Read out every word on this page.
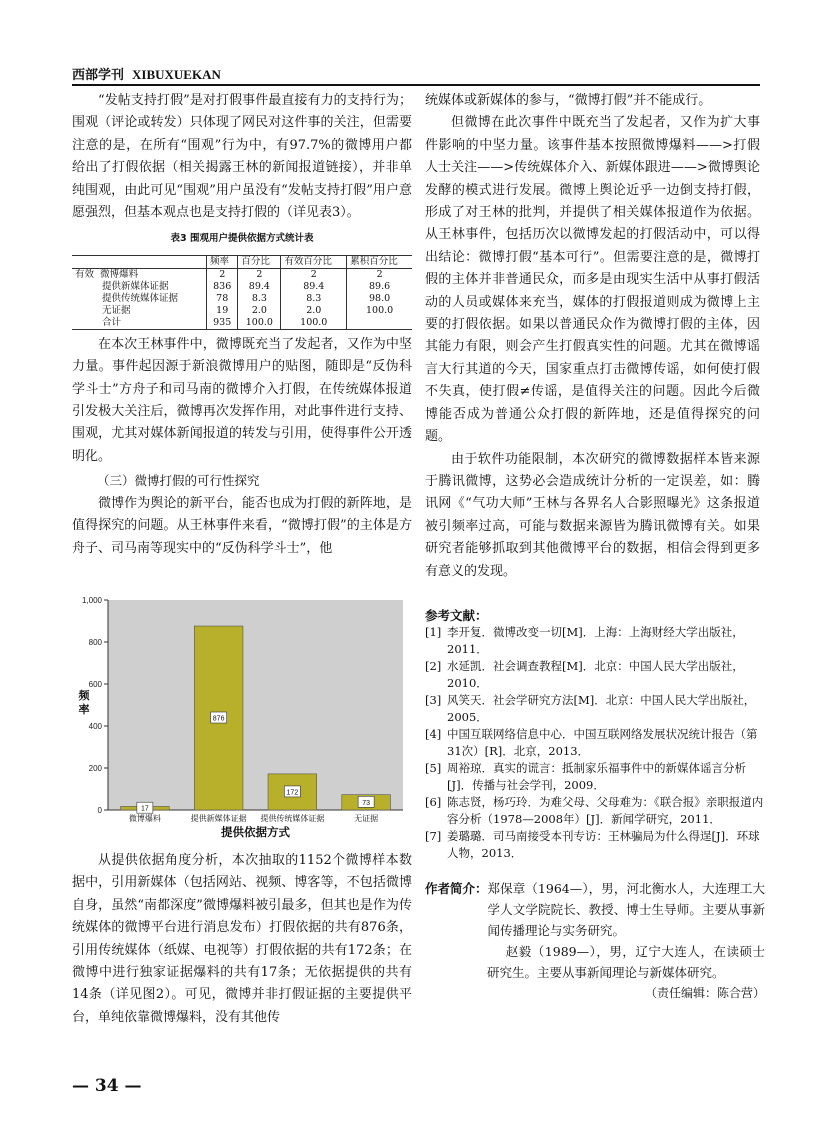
西部学刊 XIBUXUEKAN

“发帖支持打假”是对打假事件最直接有力的支持行为；围观（评论或转发）只体现了网民对这件事的关注，但需要注意的是，在所有“围观”行为中，有97.7%的微博用户都给出了打假依据（相关揭露王林的新闻报道链接），并非单纯围观，由此可见“围观”用户虽没有“发帖支持打假”用户意愿强烈，但基本观点也是支持打假的（详见表3）。

表3 围观用户提供依据方式统计表
	频率	百分比	有效百分比	累积百分比
有效 微博爆料	2	2	2	2
提供新媒体证据	836	89.4	89.4	89.6
提供传统媒体证据	78	8.3	8.3	98.0
无证据	19	2.0	2.0	100.0
合计	935	100.0	100.0	

在本次王林事件中，微博既充当了发起者，又作为中坚力量。事件起因源于新浪微博用户的贴图，随即是“反伪科学斗士”方舟子和司马南的微博介入打假，在传统媒体报道引发极大关注后，微博再次发挥作用，对此事件进行支持、围观，尤其对媒体新闻报道的转发与引用，使得事件公开透明化。

（三）微博打假的可行性探究

微博作为舆论的新平台，能否也成为打假的新阵地，是值得探究的问题。从王林事件来看，“微博打假”的主体是方舟子、司马南等现实中的“反伪科学斗士”，他

0
200
400
600
800
1,000
17
微博爆料
876
提供新媒体证据
172
提供传统媒体证据
73
无证据
频
率
提供依据方式

从提供依据角度分析，本次抽取的1152个微博样本数据中，引用新媒体（包括网站、视频、博客等，不包括微博自身，虽然“南都深度”微博爆料被引最多，但其也是作为传统媒体的微博平台进行消息发布）打假依据的共有876条，引用传统媒体（纸媒、电视等）打假依据的共有172条；在微博中进行独家证据爆料的共有17条；无依据提供的共有14条（详见图2）。可见，微博并非打假证据的主要提供平台，单纯依靠微博爆料，没有其他传

统媒体或新媒体的参与，“微博打假”并不能成行。

但微博在此次事件中既充当了发起者，又作为扩大事件影响的中坚力量。该事件基本按照微博爆料——>打假人士关注——>传统媒体介入、新媒体跟进——>微博舆论发酵的模式进行发展。微博上舆论近乎一边倒支持打假，形成了对王林的批判，并提供了相关媒体报道作为依据。从王林事件，包括历次以微博发起的打假活动中，可以得出结论：微博打假“基本可行”。但需要注意的是，微博打假的主体并非普通民众，而多是由现实生活中从事打假活动的人员或媒体来充当，媒体的打假报道则成为微博上主要的打假依据。如果以普通民众作为微博打假的主体，因其能力有限，则会产生打假真实性的问题。尤其在微博谣言大行其道的今天，国家重点打击微博传谣，如何使打假不失真，使打假≠传谣，是值得关注的问题。因此今后微博能否成为普通公众打假的新阵地，还是值得探究的问题。

由于软件功能限制，本次研究的微博数据样本皆来源于腾讯微博，这势必会造成统计分析的一定误差，如：腾讯网《“气功大师”王林与各界名人合影照曝光》这条报道被引频率过高，可能与数据来源皆为腾讯微博有关。如果研究者能够抓取到其他微博平台的数据，相信会得到更多有意义的发现。

参考文献：
[1] 李开复．微博改变一切[M]．上海：上海财经大学出版社，2011．
[2] 水延凯．社会调查教程[M]．北京：中国人民大学出版社，2010．
[3] 风笑天．社会学研究方法[M]．北京：中国人民大学出版社，2005．
[4] 中国互联网络信息中心．中国互联网络发展状况统计报告（第31次）[R]．北京，2013．
[5] 周裕琼．真实的谎言：抵制家乐福事件中的新媒体谣言分析[J]．传播与社会学刊，2009．
[6] 陈志贤，杨巧玲．为难父母、父母难为：《联合报》亲职报道内容分析（1978—2008年）[J]．新闻学研究，2011．
[7] 姜璐璐．司马南接受本刊专访：王林骗局为什么得逞[J]．环球人物，2013．
作者简介： 郑保章（1964—），男，河北衡水人，大连理工大学人文学院院长、教授、博士生导师。主要从事新闻传播理论与实务研究。
赵毅（1989—），男，辽宁大连人，在读硕士研究生。主要从事新闻理论与新媒体研究。
（责任编辑：陈合营）
— 34 —
